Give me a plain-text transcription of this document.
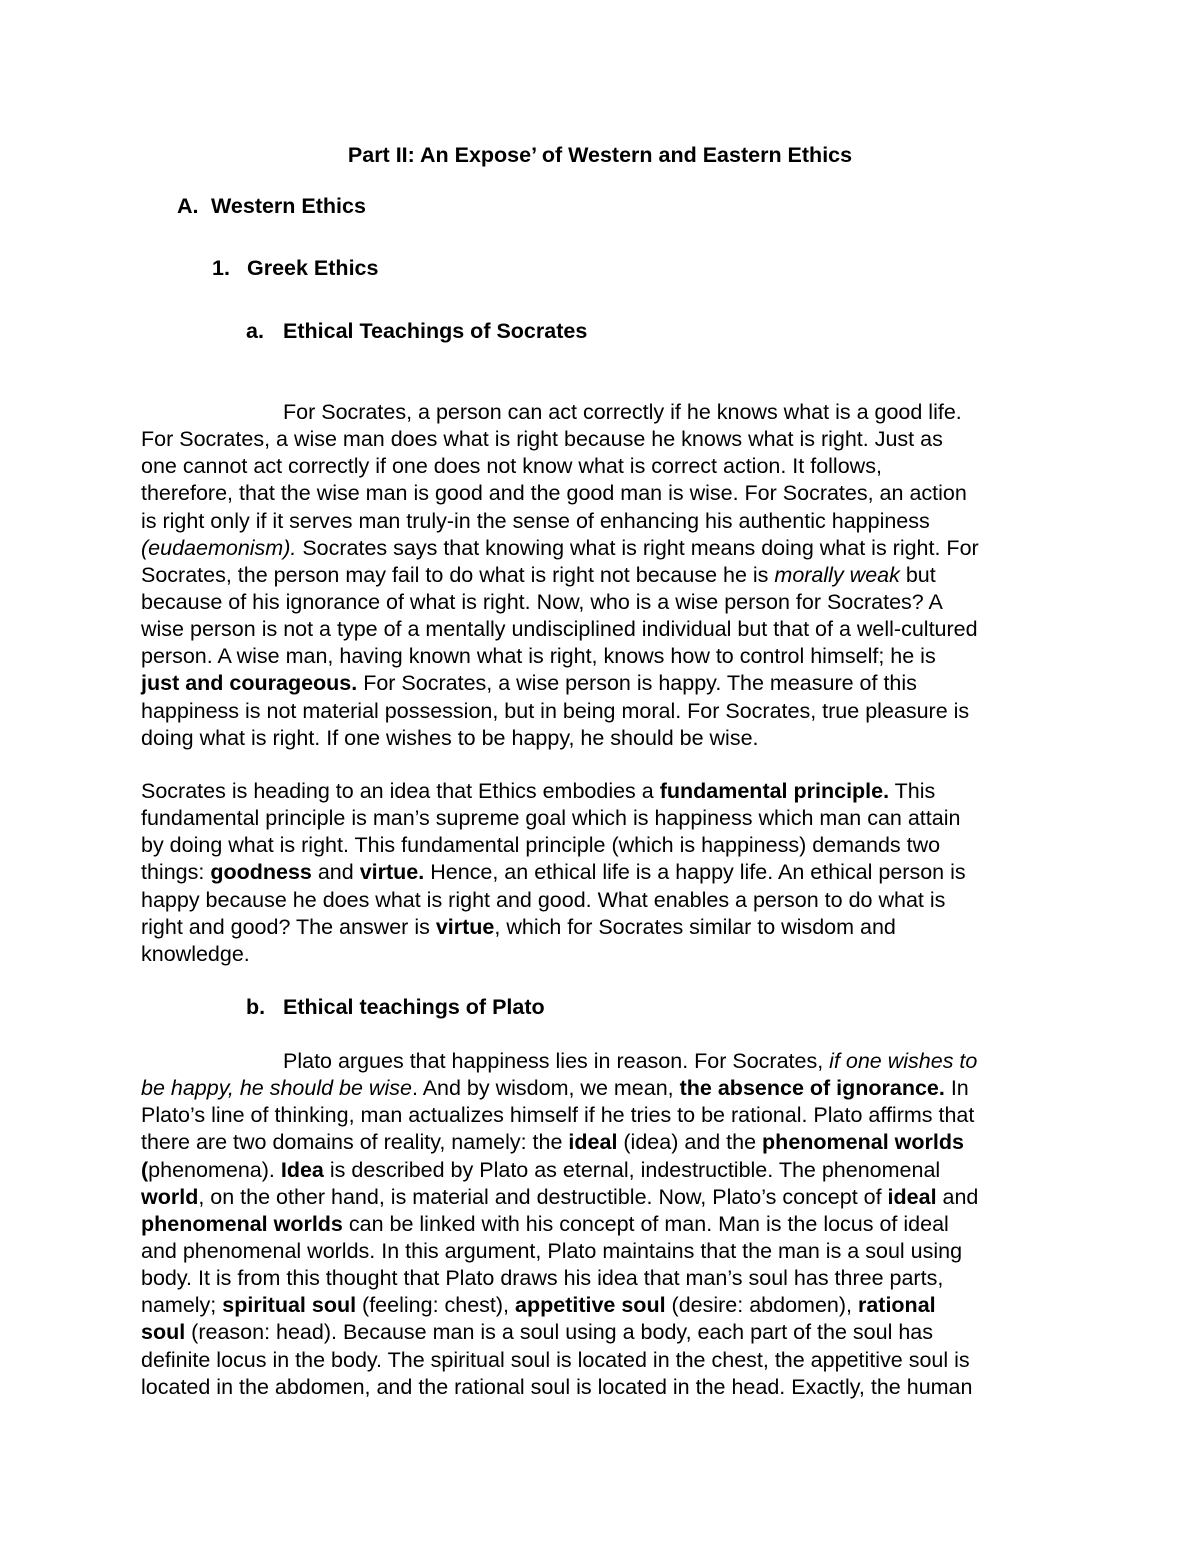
Part II: An Expose’ of Western and Eastern Ethics
A. Western Ethics
1. Greek Ethics
a. Ethical Teachings of Socrates
For Socrates, a person can act correctly if he knows what is a good life.
For Socrates, a wise man does what is right because he knows what is right. Just as
one cannot act correctly if one does not know what is correct action. It follows,
therefore, that the wise man is good and the good man is wise. For Socrates, an action
is right only if it serves man truly-in the sense of enhancing his authentic happiness
(eudaemonism). Socrates says that knowing what is right means doing what is right. For
Socrates, the person may fail to do what is right not because he is morally weak but
because of his ignorance of what is right. Now, who is a wise person for Socrates? A
wise person is not a type of a mentally undisciplined individual but that of a well-cultured
person. A wise man, having known what is right, knows how to control himself; he is
just and courageous. For Socrates, a wise person is happy. The measure of this
happiness is not material possession, but in being moral. For Socrates, true pleasure is
doing what is right. If one wishes to be happy, he should be wise.
Socrates is heading to an idea that Ethics embodies a fundamental principle. This
fundamental principle is man’s supreme goal which is happiness which man can attain
by doing what is right. This fundamental principle (which is happiness) demands two
things: goodness and virtue. Hence, an ethical life is a happy life. An ethical person is
happy because he does what is right and good. What enables a person to do what is
right and good? The answer is virtue, which for Socrates similar to wisdom and
knowledge.
b. Ethical teachings of Plato
Plato argues that happiness lies in reason. For Socrates, if one wishes to
be happy, he should be wise. And by wisdom, we mean, the absence of ignorance. In
Plato’s line of thinking, man actualizes himself if he tries to be rational. Plato affirms that
there are two domains of reality, namely: the ideal (idea) and the phenomenal worlds
(phenomena). Idea is described by Plato as eternal, indestructible. The phenomenal
world, on the other hand, is material and destructible. Now, Plato’s concept of ideal and
phenomenal worlds can be linked with his concept of man. Man is the locus of ideal
and phenomenal worlds. In this argument, Plato maintains that the man is a soul using
body. It is from this thought that Plato draws his idea that man’s soul has three parts,
namely; spiritual soul (feeling: chest), appetitive soul (desire: abdomen), rational
soul (reason: head). Because man is a soul using a body, each part of the soul has
definite locus in the body. The spiritual soul is located in the chest, the appetitive soul is
located in the abdomen, and the rational soul is located in the head. Exactly, the human
